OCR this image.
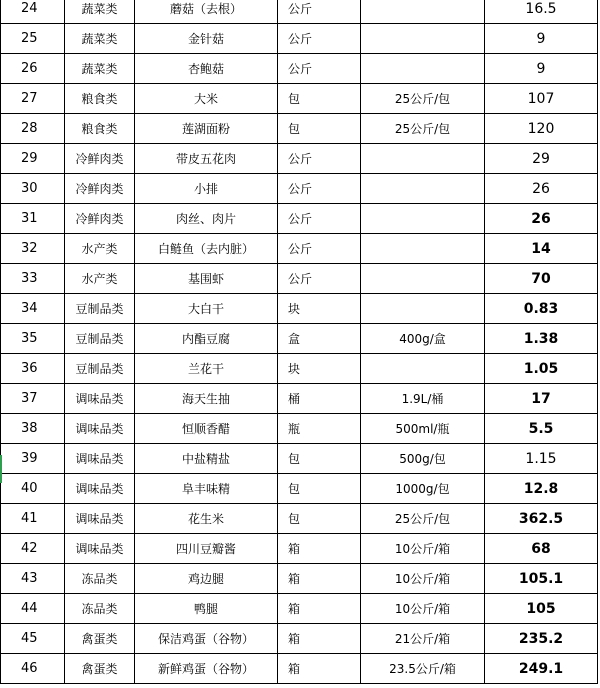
24	蔬菜类	蘑菇（去根）	公斤		16.5
25	蔬菜类	金针菇	公斤		9
26	蔬菜类	杏鲍菇	公斤		9
27	粮食类	大米	包	25公斤/包	107
28	粮食类	莲湖面粉	包	25公斤/包	120
29	冷鲜肉类	带皮五花肉	公斤		29
30	冷鲜肉类	小排	公斤		26
31	冷鲜肉类	肉丝、肉片	公斤		26
32	水产类	白鲢鱼（去内脏）	公斤		14
33	水产类	基围虾	公斤		70
34	豆制品类	大白干	块		0.83
35	豆制品类	内酯豆腐	盒	400g/盒	1.38
36	豆制品类	兰花干	块		1.05
37	调味品类	海天生抽	桶	1.9L/桶	17
38	调味品类	恒顺香醋	瓶	500ml/瓶	5.5
39	调味品类	中盐精盐	包	500g/包	1.15
40	调味品类	阜丰味精	包	1000g/包	12.8
41	调味品类	花生米	包	25公斤/包	362.5
42	调味品类	四川豆瓣酱	箱	10公斤/箱	68
43	冻品类	鸡边腿	箱	10公斤/箱	105.1
44	冻品类	鸭腿	箱	10公斤/箱	105
45	禽蛋类	保洁鸡蛋（谷物）	箱	21公斤/箱	235.2
46	禽蛋类	新鲜鸡蛋（谷物）	箱	23.5公斤/箱	249.1
